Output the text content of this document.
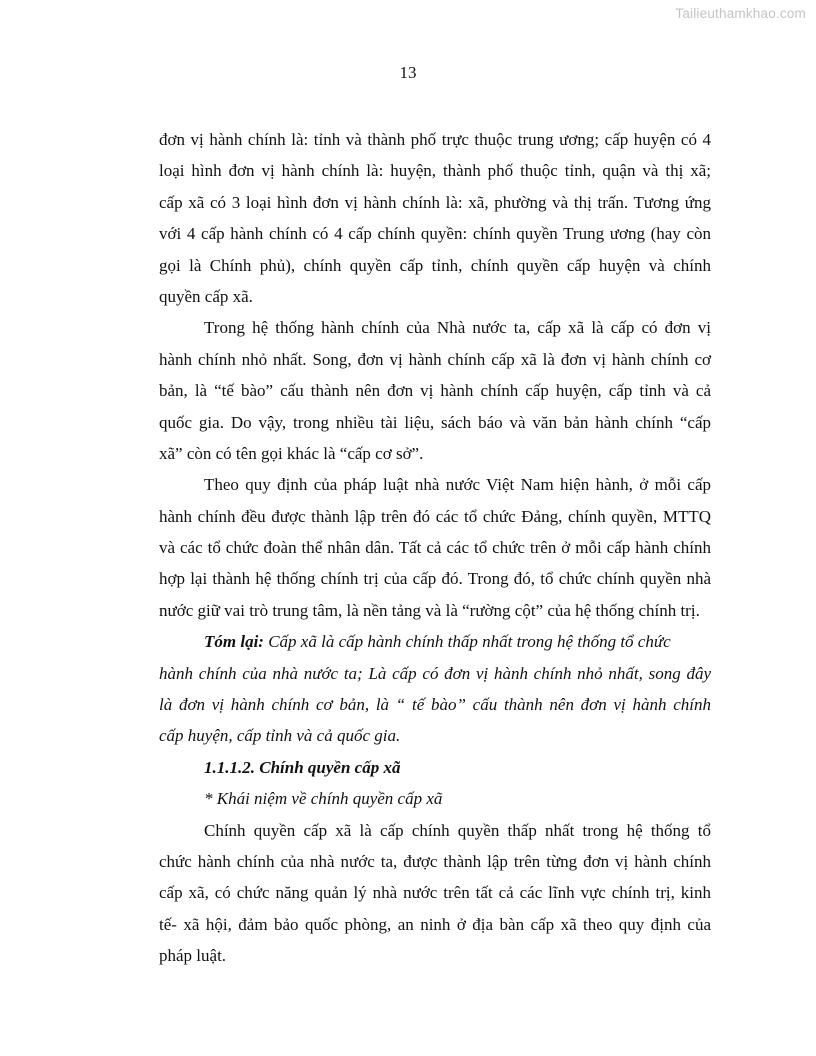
Tailieuthamkhao.com
13
đơn vị hành chính là: tỉnh và thành phố trực thuộc trung ương; cấp huyện có 4
loại hình đơn vị hành chính là: huyện, thành phố thuộc tỉnh, quận và thị xã;
cấp xã có 3 loại hình đơn vị hành chính là: xã, phường và thị trấn. Tương ứng
với 4 cấp hành chính có 4 cấp chính quyền: chính quyền Trung ương (hay còn
gọi là Chính phủ), chính quyền cấp tỉnh, chính quyền cấp huyện và chính
quyền cấp xã.
Trong hệ thống hành chính của Nhà nước ta, cấp xã là cấp có đơn vị
hành chính nhỏ nhất. Song, đơn vị hành chính cấp xã là đơn vị hành chính cơ
bản, là “tế bào” cấu thành nên đơn vị hành chính cấp huyện, cấp tỉnh và cả
quốc gia. Do vậy, trong nhiều tài liệu, sách báo và văn bản hành chính “cấp
xã” còn có tên gọi khác là “cấp cơ sở”.
Theo quy định của pháp luật nhà nước Việt Nam hiện hành, ở mỗi cấp
hành chính đều được thành lập trên đó các tổ chức Đảng, chính quyền, MTTQ
và các tổ chức đoàn thể nhân dân. Tất cả các tổ chức trên ở mỗi cấp hành chính
hợp lại thành hệ thống chính trị của cấp đó. Trong đó, tổ chức chính quyền nhà
nước giữ vai trò trung tâm, là nền tảng và là “rường cột” của hệ thống chính trị.
Tóm lại: Cấp xã là cấp hành chính thấp nhất trong hệ thống tổ chức
hành chính của nhà nước ta; Là cấp có đơn vị hành chính nhỏ nhất, song đây
là đơn vị hành chính cơ bản, là “ tế bào” cấu thành nên đơn vị hành chính
cấp huyện, cấp tỉnh và cả quốc gia.
1.1.1.2. Chính quyền cấp xã
* Khái niệm về chính quyền cấp xã
Chính quyền cấp xã là cấp chính quyền thấp nhất trong hệ thống tổ
chức hành chính của nhà nước ta, được thành lập trên từng đơn vị hành chính
cấp xã, có chức năng quản lý nhà nước trên tất cả các lĩnh vực chính trị, kinh
tế- xã hội, đảm bảo quốc phòng, an ninh ở địa bàn cấp xã theo quy định của
pháp luật.
